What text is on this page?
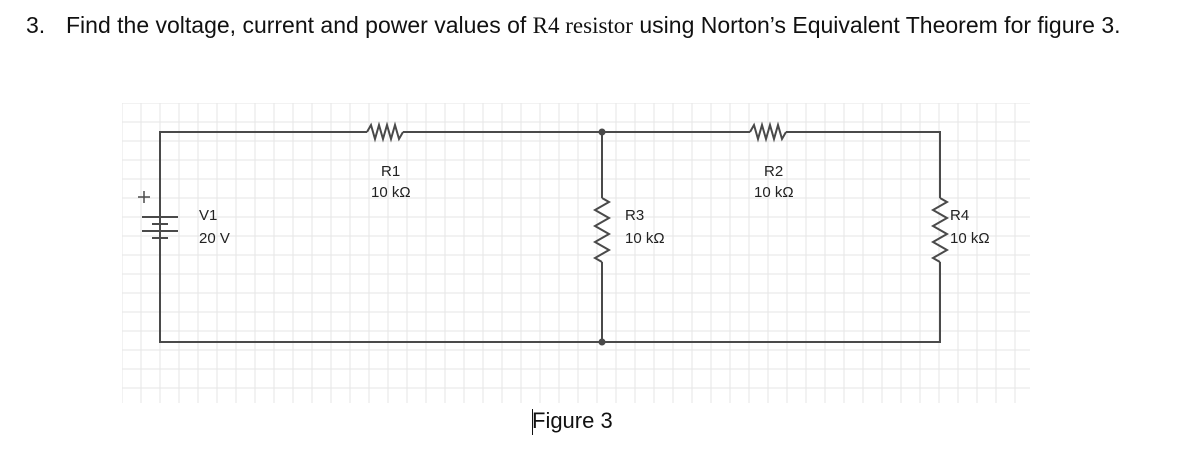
3. Find the voltage, current and power values of R4 resistor using Norton’s Equivalent Theorem for figure 3.
V1
20 V
R1
10 kΩ
R2
10 kΩ
R3
10 kΩ
R4
10 kΩ
Figure 3
